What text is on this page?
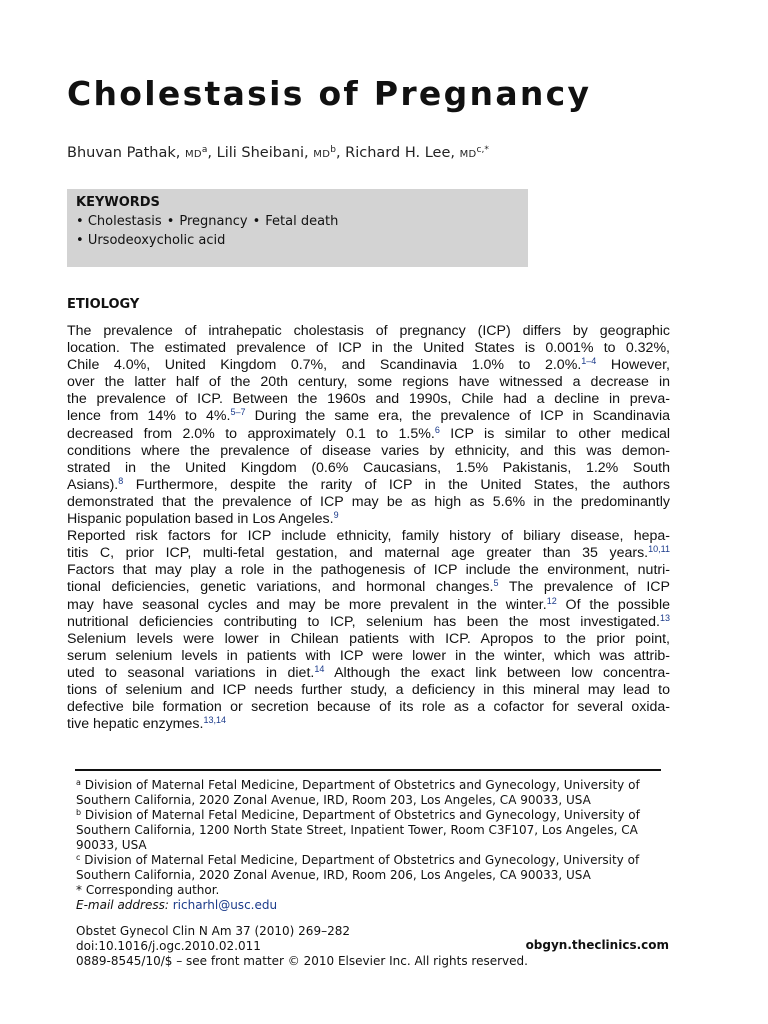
Cholestasis of Pregnancy
Bhuvan Pathak, $MD^a$, Lili Sheibani, $MD^b$, Richard H. Lee, $MD^{c,*}$
KEYWORDS
• Cholestasis • Pregnancy • Fetal death
• Ursodeoxycholic acid
ETIOLOGY

The prevalence of intrahepatic cholestasis of pregnancy (ICP) differs by geographic
location. The estimated prevalence of ICP in the United States is 0.001% to 0.32%,
Chile 4.0%, United Kingdom 0.7%, and Scandinavia 1.0% to 2.0%.$^{1-4}$ However,
over the latter half of the 20th century, some regions have witnessed a decrease in
the prevalence of ICP. Between the 1960s and 1990s, Chile had a decline in preva-
lence from 14% to 4%.$^{5-7}$ During the same era, the prevalence of ICP in Scandinavia
decreased from 2.0% to approximately 0.1 to 1.5%.$^6$ ICP is similar to other medical
conditions where the prevalence of disease varies by ethnicity, and this was demon-
strated in the United Kingdom (0.6% Caucasians, 1.5% Pakistanis, 1.2% South
Asians).$^8$ Furthermore, despite the rarity of ICP in the United States, the authors
demonstrated that the prevalence of ICP may be as high as 5.6% in the predominantly
Hispanic population based in Los Angeles.$^9$

Reported risk factors for ICP include ethnicity, family history of biliary disease, hepa-
titis C, prior ICP, multi-fetal gestation, and maternal age greater than 35 years.$^{10,11}$
Factors that may play a role in the pathogenesis of ICP include the environment, nutri-
tional deficiencies, genetic variations, and hormonal changes.$^5$ The prevalence of ICP
may have seasonal cycles and may be more prevalent in the winter.$^{12}$ Of the possible
nutritional deficiencies contributing to ICP, selenium has been the most investigated.$^{13}$
Selenium levels were lower in Chilean patients with ICP. Apropos to the prior point,
serum selenium levels in patients with ICP were lower in the winter, which was attrib-
uted to seasonal variations in diet.$^{14}$ Although the exact link between low concentra-
tions of selenium and ICP needs further study, a deficiency in this mineral may lead to
defective bile formation or secretion because of its role as a cofactor for several oxida-
tive hepatic enzymes.$^{13,14}$

$^a$ Division of Maternal Fetal Medicine, Department of Obstetrics and Gynecology, University of
Southern California, 2020 Zonal Avenue, IRD, Room 203, Los Angeles, CA 90033, USA
$^b$ Division of Maternal Fetal Medicine, Department of Obstetrics and Gynecology, University of
Southern California, 1200 North State Street, Inpatient Tower, Room C3F107, Los Angeles, CA
90033, USA
$^c$ Division of Maternal Fetal Medicine, Department of Obstetrics and Gynecology, University of
Southern California, 2020 Zonal Avenue, IRD, Room 206, Los Angeles, CA 90033, USA
* Corresponding author.
E-mail address: richarhl@usc.edu
Obstet Gynecol Clin N Am 37 (2010) 269–282
doi:10.1016/j.ogc.2010.02.011
0889-8545/10/$ – see front matter © 2010 Elsevier Inc. All rights reserved.
obgyn.theclinics.com
